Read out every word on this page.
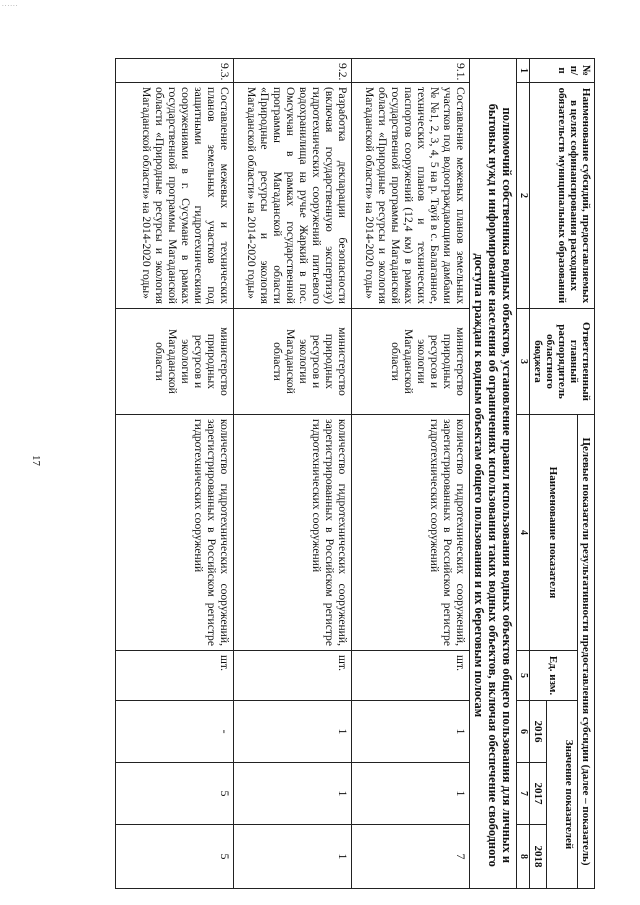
......
17
№ п/п	Наименование субсидий, предоставляемых в целях софинансирования расходных обязательств муниципальных образований	Ответственный главный распорядитель областного бюджета	Целевые показатели результативности предоставления субсидии (далее – показатель)				
			Наименование показателя	Ед. изм.	Значение показателей		
					2016	2017	2018
1	2	3	4	5	6	7	8
	полномочий собственника водных объектов, установление правил использования водных объектов общего пользования для личных и бытовых нужд и информирование населения об ограничениях использования таких водных объектов, включая обеспечение свободного доступа граждан к водным объектам общего пользования и их береговым полосам						
9.1.	Составление межевых планов земельных участков под водоограждающими дамбами № №1, 2, 3, 4, 5 на р. Тауй в с. Балаганное, технических планов и технических паспортов сооружений (12,4 км) в рамках государственной программы Магаданской области «Природные ресурсы и экология Магаданской области» на 2014-2020 годы»	министерство природных ресурсов и экологии Магаданской области	количество гидротехнических сооружений, зарегистрированных в Российском регистре гидротехнических сооружений	шт.	1	1	7
9.2.	Разработка декларации безопасности (включая государственную экспертизу) гидротехнических сооружений питьевого водохранилища на ручье Жаркий в пос. Омсукчан в рамках государственной программы Магаданской области «Природные ресурсы и экология Магаданской области» на 2014-2020 годы»	министерство природных ресурсов и экологии Магаданской области	количество гидротехнических сооружений, зарегистрированных в Российском регистре гидротехнических сооружений	шт.	1	1	1
9.3.	Составление межевых и технических планов земельных участков под защитными гидротехническими сооружениями в г. Сусумане в рамках государственной программы Магаданской области «Природные ресурсы и экология Магаданской области» на 2014-2020 годы»	министерство природных ресурсов и экологии Магаданской области	количество гидротехнических сооружений, зарегистрированных в Российском регистре гидротехнических сооружений	шт.	-	5	5
